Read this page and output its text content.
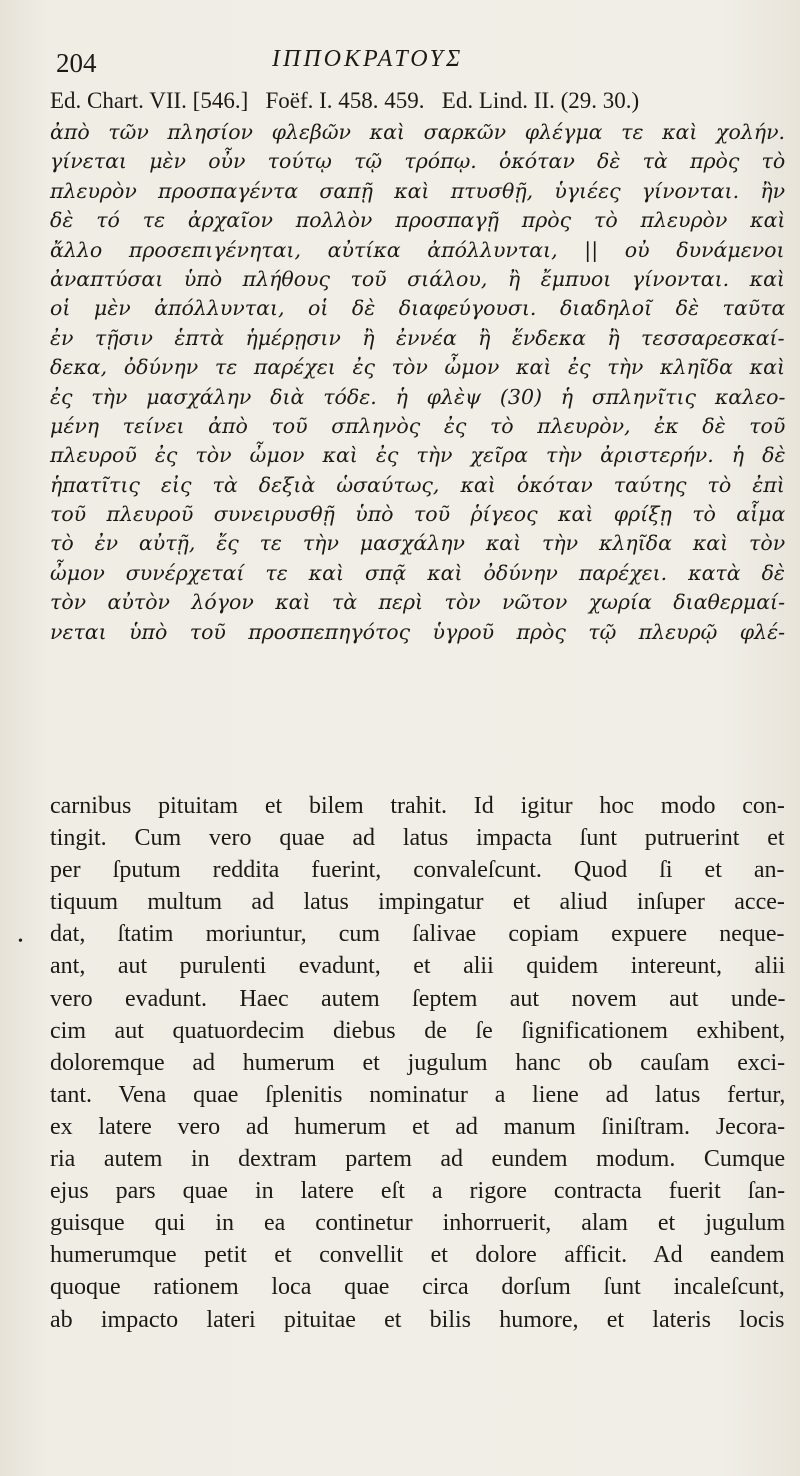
204	ΙΠΠΟΚΡΑΤΟΥΣ
Ed. Chart. VII. [546.]   Foëf. I. 458. 459.   Ed. Lind. II. (29. 30.)
ἀπὸ τῶν πλησίον φλεβῶν καὶ σαρκῶν φλέγμα τε καὶ χολήν.
γίνεται μὲν οὖν τούτῳ τῷ τρόπῳ. ὁκόταν δὲ τὰ πρὸς τὸ
πλευρὸν προσπαγέντα σαπῇ καὶ πτυσθῇ, ὑγιέες γίνονται. ἢν
δὲ τό τε ἀρχαῖον πολλὸν προσπαγῇ πρὸς τὸ πλευρὸν καὶ
ἄλλο προσεπιγένηται, αὐτίκα ἀπόλλυνται, || οὐ δυνάμενοι
ἀναπτύσαι ὑπὸ πλήθους τοῦ σιάλου, ἢ ἔμπυοι γίνονται. καὶ
οἱ μὲν ἀπόλλυνται, οἱ δὲ διαφεύγουσι. διαδηλοῖ δὲ ταῦτα
ἐν τῇσιν ἑπτὰ ἡμέρῃσιν ἢ ἐννέα ἢ ἕνδεκα ἢ τεσσαρεσκαί-
δεκα, ὀδύνην τε παρέχει ἐς τὸν ὦμον καὶ ἐς τὴν κληῖδα καὶ
ἐς τὴν μασχάλην διὰ τόδε. ἡ φλὲψ (30) ἡ σπληνῖτις καλεο-
μένη τείνει ἀπὸ τοῦ σπληνὸς ἐς τὸ πλευρὸν, ἐκ δὲ τοῦ
πλευροῦ ἐς τὸν ὦμον καὶ ἐς τὴν χεῖρα τὴν ἀριστερήν. ἡ δὲ
ἡπατῖτις εἰς τὰ δεξιὰ ὡσαύτως, καὶ ὁκόταν ταύτης τὸ ἐπὶ
τοῦ πλευροῦ συνειρυσθῇ ὑπὸ τοῦ ῥίγεος καὶ φρίξῃ τὸ αἷμα
τὸ ἐν αὐτῇ, ἔς τε τὴν μασχάλην καὶ τὴν κληῖδα καὶ τὸν
ὦμον συνέρχεταί τε καὶ σπᾷ καὶ ὀδύνην παρέχει. κατὰ δὲ
τὸν αὐτὸν λόγον καὶ τὰ περὶ τὸν νῶτον χωρία διαθερμαί-
νεται ὑπὸ τοῦ προσπεπηγότος ὑγροῦ πρὸς τῷ πλευρῷ φλέ-
•
carnibus pituitam et bilem trahit. Id igitur hoc modo con-
tingit. Cum vero quae ad latus impacta ſunt putruerint et
per ſputum reddita fuerint, convaleſcunt. Quod ſi et an-
tiquum multum ad latus impingatur et aliud inſuper acce-
dat, ſtatim moriuntur, cum ſalivae copiam expuere neque-
ant, aut purulenti evadunt, et alii quidem intereunt, alii
vero evadunt. Haec autem ſeptem aut novem aut unde-
cim aut quatuordecim diebus de ſe ſignificationem exhibent,
doloremque ad humerum et jugulum hanc ob cauſam exci-
tant. Vena quae ſplenitis nominatur a liene ad latus fertur,
ex latere vero ad humerum et ad manum ſiniſtram. Jecora-
ria autem in dextram partem ad eundem modum. Cumque
ejus pars quae in latere eſt a rigore contracta fuerit ſan-
guisque qui in ea continetur inhorruerit, alam et jugulum
humerumque petit et convellit et dolore afficit. Ad eandem
quoque rationem loca quae circa dorſum ſunt incaleſcunt,
ab impacto lateri pituitae et bilis humore, et lateris locis
